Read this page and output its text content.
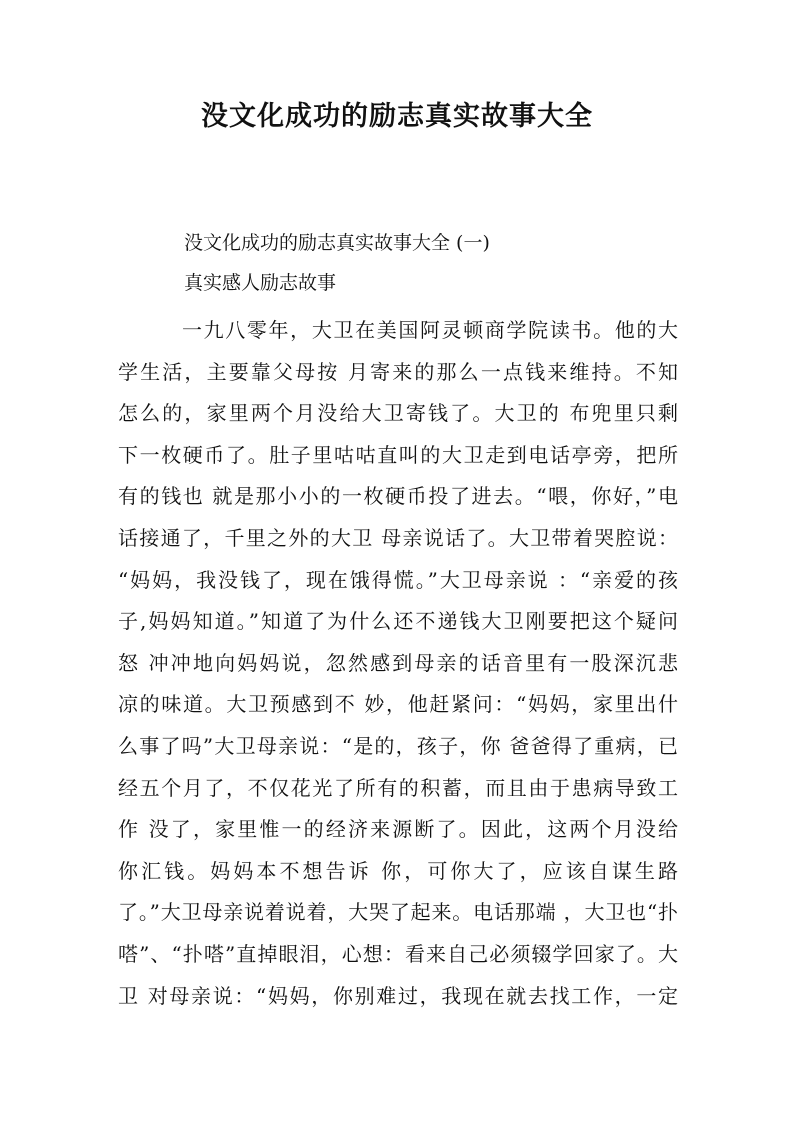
没文化成功的励志真实故事大全

没文化成功的励志真实故事大全 (一)

真实感人励志故事

一九八零年，大卫在美国阿灵顿商学院读书。他的大
学生活，主要靠父母按 月寄来的那么一点钱来维持。不知
怎么的，家里两个月没给大卫寄钱了。大卫的 布兜里只剩
下一枚硬币了。肚子里咕咕直叫的大卫走到电话亭旁，把所
有的钱也 就是那小小的一枚硬币投了进去。“喂，你好，”电
话接通了，千里之外的大卫 母亲说话了。大卫带着哭腔说：
“妈妈，我没钱了，现在饿得慌。”大卫母亲说 ：“亲爱的孩
子,妈妈知道。”知道了为什么还不递钱大卫刚要把这个疑问
怒 冲冲地向妈妈说，忽然感到母亲的话音里有一股深沉悲
凉的味道。大卫预感到不 妙，他赶紧问：“妈妈，家里出什
么事了吗”大卫母亲说：“是的，孩子，你 爸爸得了重病，已
经五个月了，不仅花光了所有的积蓄，而且由于患病导致工
作 没了，家里惟一的经济来源断了。因此，这两个月没给
你汇钱。妈妈本不想告诉 你，可你大了，应该自谋生路
了。”大卫母亲说着说着，大哭了起来。电话那端 ，大卫也“扑
嗒”、“扑嗒”直掉眼泪，心想：看来自己必须辍学回家了。大
卫 对母亲说：“妈妈，你别难过，我现在就去找工作，一定
